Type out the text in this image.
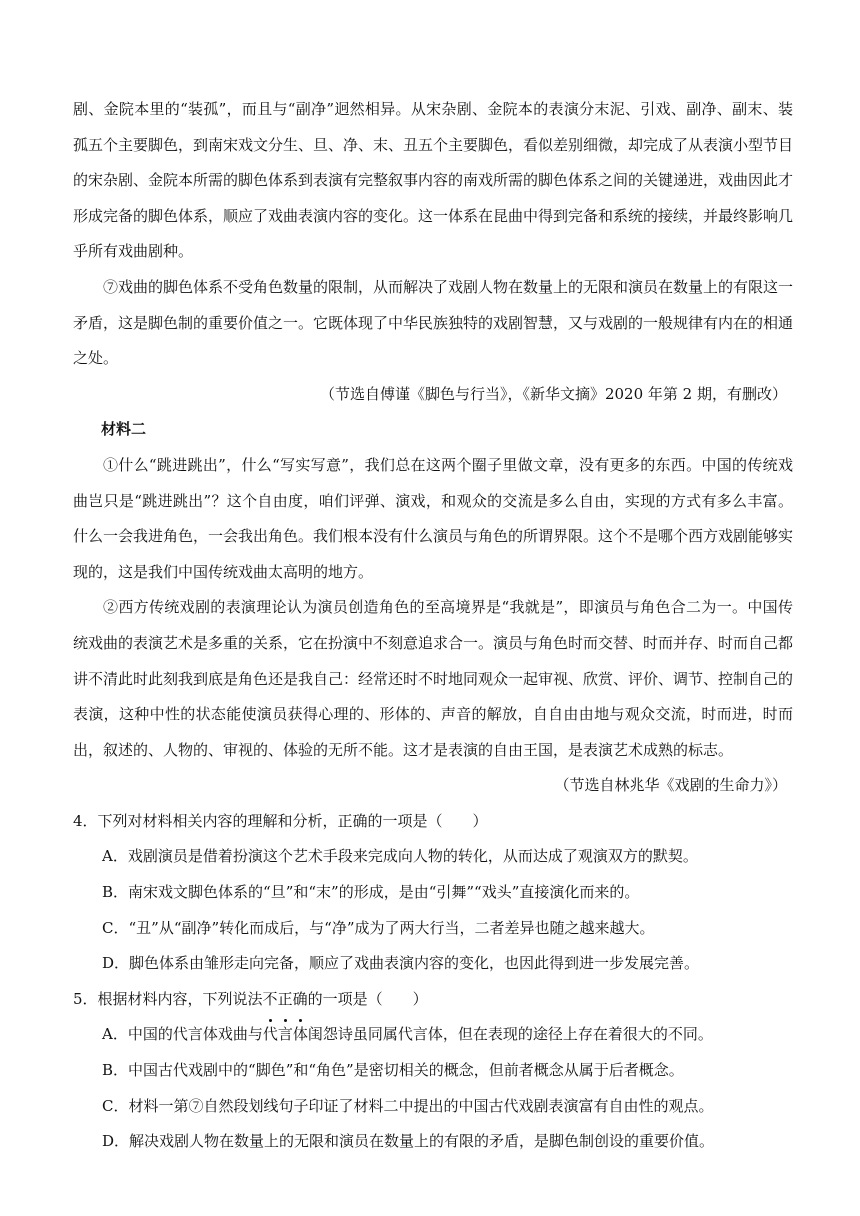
剧、金院本里的“装孤”，而且与“副净”迥然相异。从宋杂剧、金院本的表演分末泥、引戏、副净、副末、装孤五个主要脚色，到南宋戏文分生、旦、净、末、丑五个主要脚色，看似差别细微，却完成了从表演小型节目的宋杂剧、金院本所需的脚色体系到表演有完整叙事内容的南戏所需的脚色体系之间的关键递进，戏曲因此才形成完备的脚色体系，顺应了戏曲表演内容的变化。这一体系在昆曲中得到完备和系统的接续，并最终影响几乎所有戏曲剧种。

⑦戏曲的脚色体系不受角色数量的限制，从而解决了戏剧人物在数量上的无限和演员在数量上的有限这一矛盾，这是脚色制的重要价值之一。它既体现了中华民族独特的戏剧智慧，又与戏剧的一般规律有内在的相通之处。

（节选自傅谨《脚色与行当》，《新华文摘》2020 年第 2 期，有删改）

材料二

①什么“跳进跳出”，什么“写实写意”，我们总在这两个圈子里做文章，没有更多的东西。中国的传统戏曲岂只是“跳进跳出”？这个自由度，咱们评弹、演戏，和观众的交流是多么自由，实现的方式有多么丰富。什么一会我进角色，一会我出角色。我们根本没有什么演员与角色的所谓界限。这个不是哪个西方戏剧能够实现的，这是我们中国传统戏曲太高明的地方。

②西方传统戏剧的表演理论认为演员创造角色的至高境界是“我就是”，即演员与角色合二为一。中国传统戏曲的表演艺术是多重的关系，它在扮演中不刻意追求合一。演员与角色时而交替、时而并存、时而自己都讲不清此时此刻我到底是角色还是我自己：经常还时不时地同观众一起审视、欣赏、评价、调节、控制自己的表演，这种中性的状态能使演员获得心理的、形体的、声音的解放，自自由由地与观众交流，时而进，时而出，叙述的、人物的、审视的、体验的无所不能。这才是表演的自由王国，是表演艺术成熟的标志。

（节选自林兆华《戏剧的生命力》）

4．下列对材料相关内容的理解和分析，正确的一项是（　　）

A．戏剧演员是借着扮演这个艺术手段来完成向人物的转化，从而达成了观演双方的默契。

B．南宋戏文脚色体系的“旦”和“末”的形成，是由“引舞”“戏头”直接演化而来的。

C．“丑”从“副净”转化而成后，与“净”成为了两大行当，二者差异也随之越来越大。

D．脚色体系由雏形走向完备，顺应了戏曲表演内容的变化，也因此得到进一步发展完善。

5．根据材料内容，下列说法不正确的一项是（　　）

A．中国的代言体戏曲与代言体闺怨诗虽同属代言体，但在表现的途径上存在着很大的不同。

B．中国古代戏剧中的“脚色”和“角色”是密切相关的概念，但前者概念从属于后者概念。

C．材料一第⑦自然段划线句子印证了材料二中提出的中国古代戏剧表演富有自由性的观点。

D．解决戏剧人物在数量上的无限和演员在数量上的有限的矛盾，是脚色制创设的重要价值。
